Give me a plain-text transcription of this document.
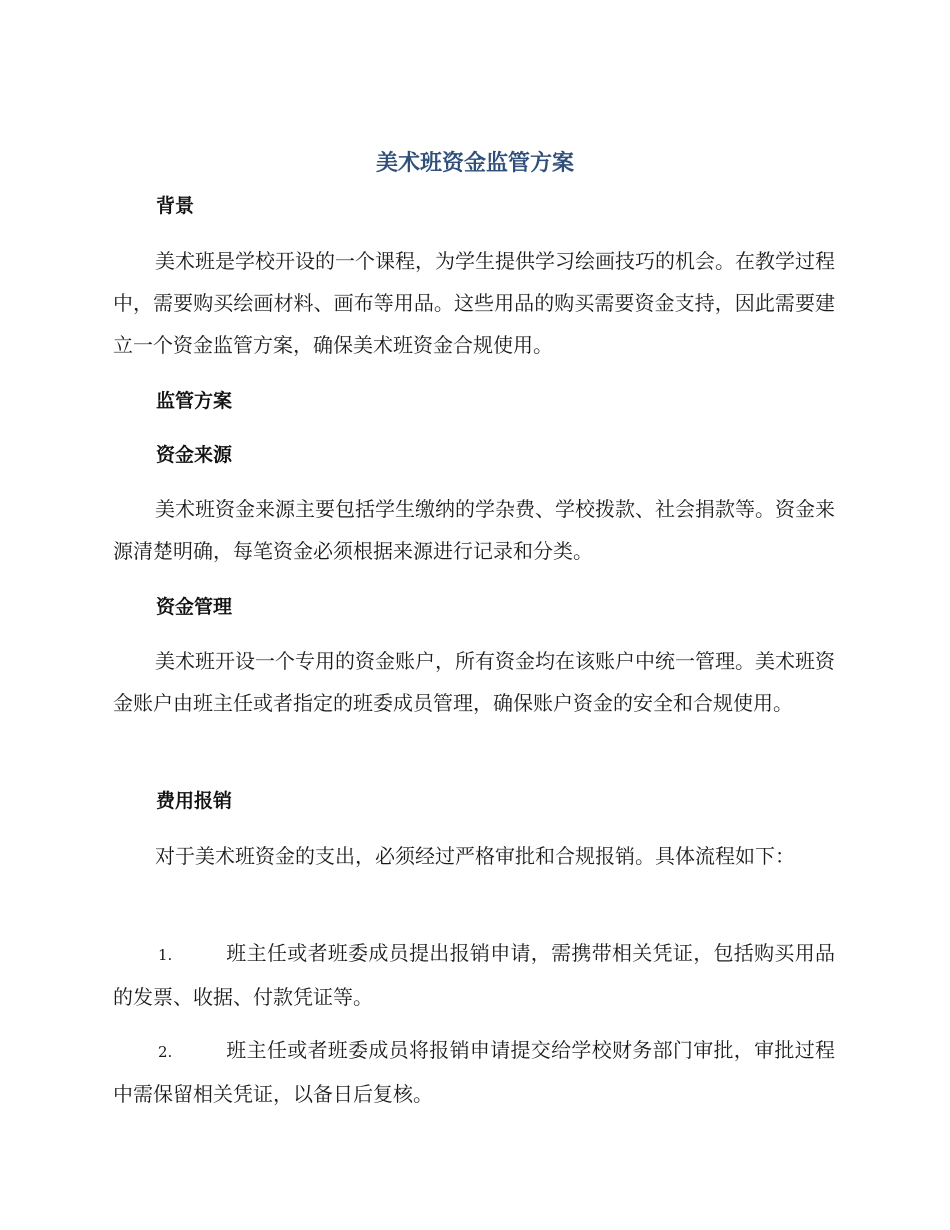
美术班资金监管方案
背景

美术班是学校开设的一个课程，为学生提供学习绘画技巧的机会。在教学过程中，需要购买绘画材料、画布等用品。这些用品的购买需要资金支持，因此需要建立一个资金监管方案，确保美术班资金合规使用。

监管方案
资金来源

美术班资金来源主要包括学生缴纳的学杂费、学校拨款、社会捐款等。资金来源清楚明确，每笔资金必须根据来源进行记录和分类。

资金管理

美术班开设一个专用的资金账户，所有资金均在该账户中统一管理。美术班资金账户由班主任或者指定的班委成员管理，确保账户资金的安全和合规使用。

费用报销

对于美术班资金的支出，必须经过严格审批和合规报销。具体流程如下：

1.	班主任或者班委成员提出报销申请，需携带相关凭证，包括购买用品的发票、收据、付款凭证等。

2.	班主任或者班委成员将报销申请提交给学校财务部门审批，审批过程中需保留相关凭证，以备日后复核。
